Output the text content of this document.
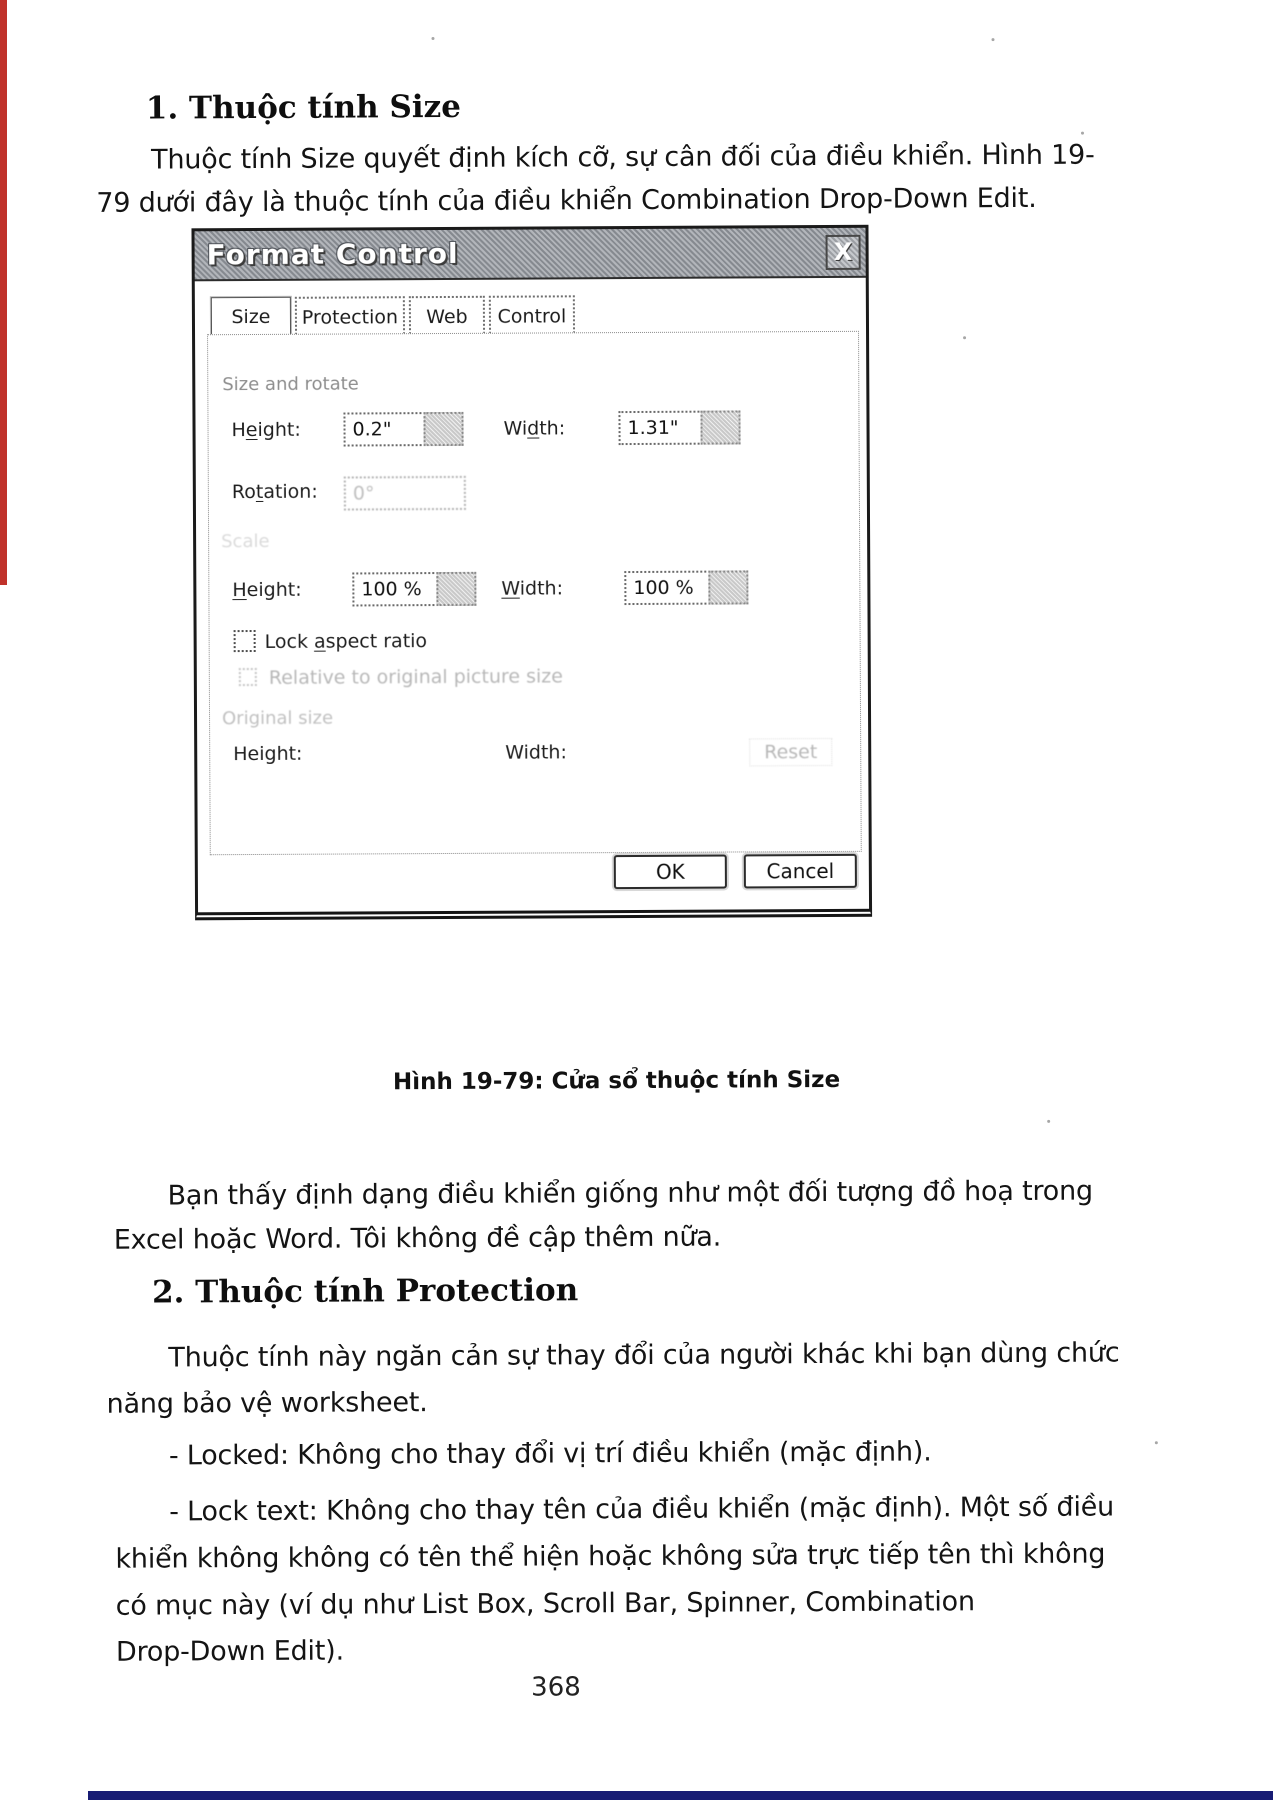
1. Thuộc tính Size
Thuộc tính Size quyết định kích cỡ, sự cân đối của điều khiển. Hình 19-
79 dưới đây là thuộc tính của điều khiển Combination Drop-Down Edit.
Format Control	X
Size	Protection	Web	Control
Size and rotate
Height:	0.2"	Width:	1.31"
Rotation:	0°
Scale
Height:	100 %	Width:	100 %
Lock aspect ratio
Relative to original picture size
Original size
Height:	Width:	Reset
OK	Cancel
Hình 19-79: Cửa sổ thuộc tính Size
Bạn thấy định dạng điều khiển giống như một đối tượng đồ hoạ trong
Excel hoặc Word. Tôi không đề cập thêm nữa.
2. Thuộc tính Protection
Thuộc tính này ngăn cản sự thay đổi của người khác khi bạn dùng chức
năng bảo vệ worksheet.
- Locked: Không cho thay đổi vị trí điều khiển (mặc định).
- Lock text: Không cho thay tên của điều khiển (mặc định). Một số điều
khiển không không có tên thể hiện hoặc không sửa trực tiếp tên thì không
có mục này (ví dụ như List Box, Scroll Bar, Spinner, Combination
Drop-Down Edit).
368
